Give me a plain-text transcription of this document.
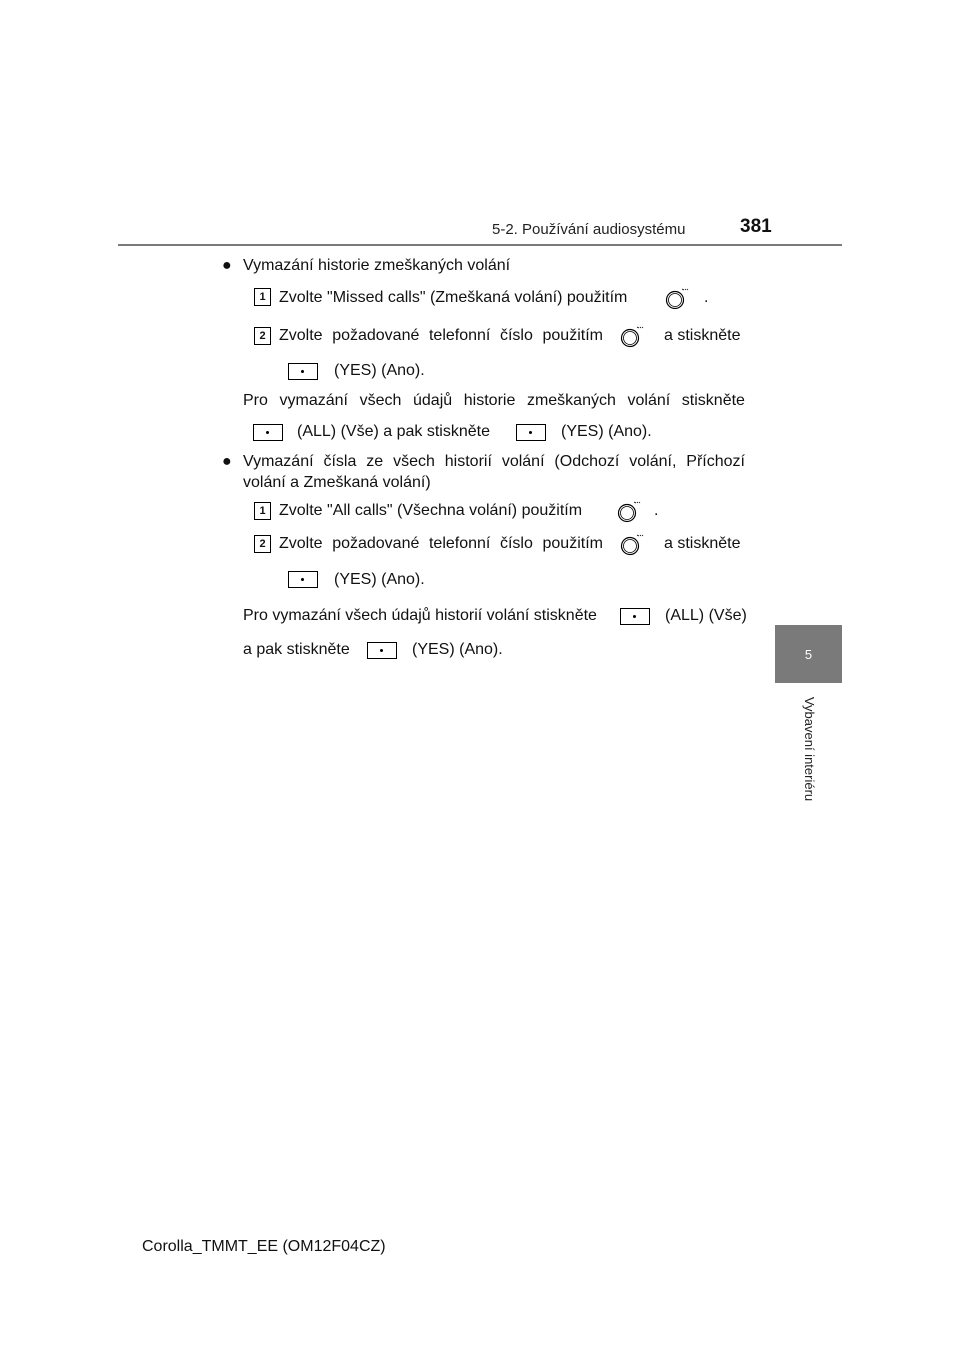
5-2. Používání audiosystému	381
5
Vybavení interiéru
● Vymazání historie zmeškaných volání
1 Zvolte "Missed calls" (Zmeškaná volání) použitím	.
2 Zvolte požadované telefonní číslo použitím	a stiskněte
(YES) (Ano).
Pro vymazání všech údajů historie zmeškaných volání stiskněte
(ALL) (Vše) a pak stiskněte	(YES) (Ano).
● Vymazání čísla ze všech historií volání (Odchozí volání, Příchozí
volání a Zmeškaná volání)
1 Zvolte "All calls" (Všechna volání) použitím	.
2 Zvolte požadované telefonní číslo použitím	a stiskněte
(YES) (Ano).
Pro vymazání všech údajů historií volání stiskněte	(ALL) (Vše)
a pak stiskněte	(YES) (Ano).
Corolla_TMMT_EE (OM12F04CZ)
